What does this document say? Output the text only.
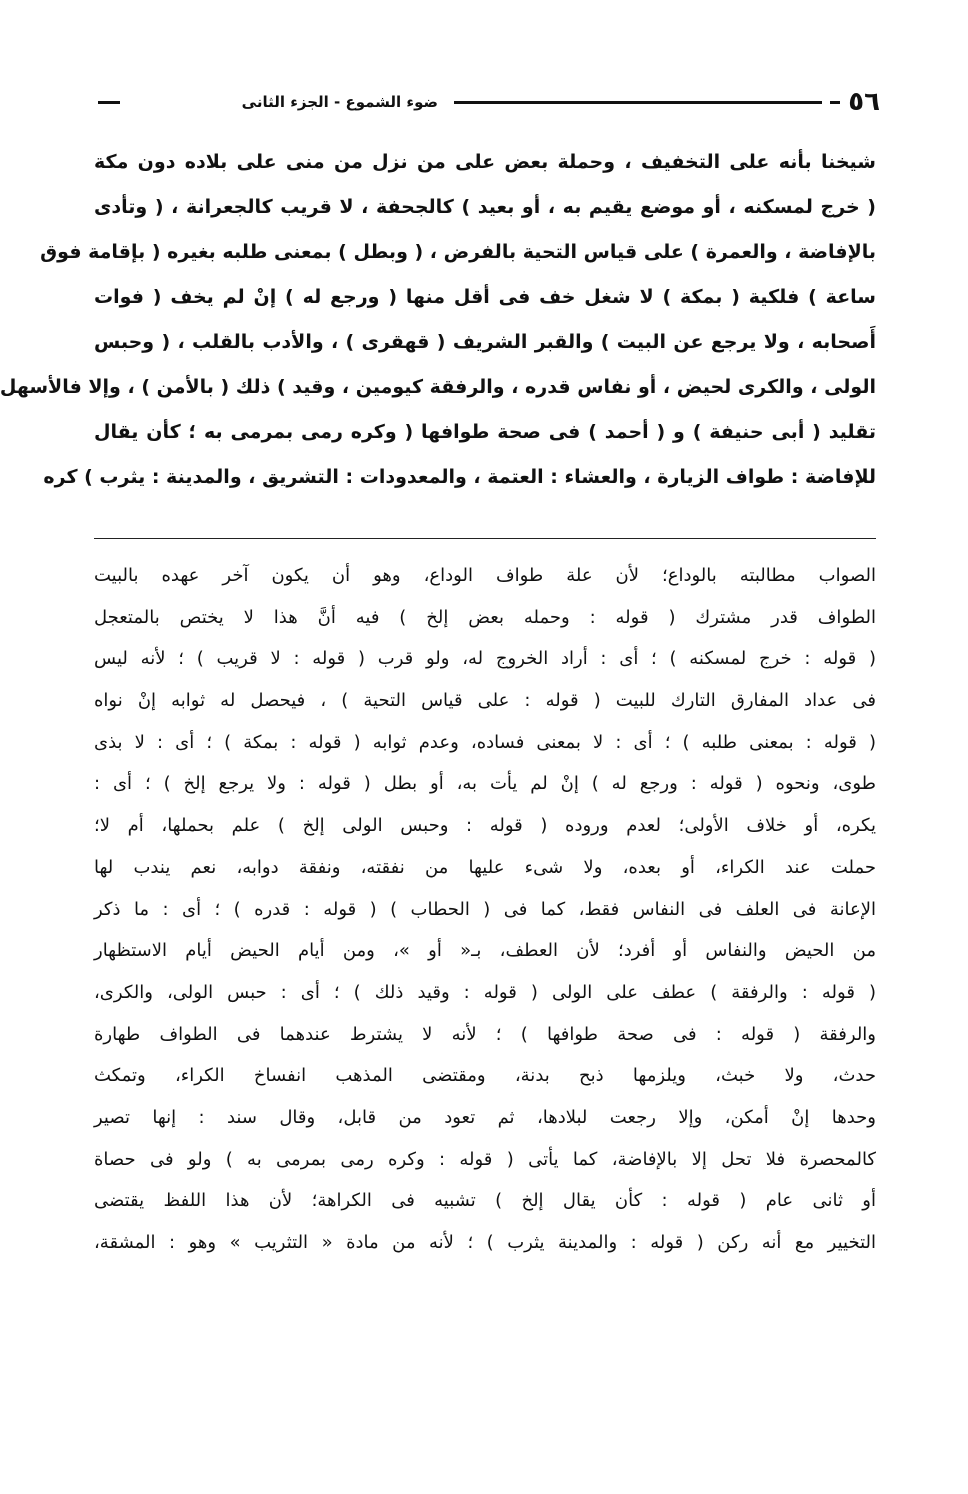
٥٦
ضوء الشموع - الجزء الثانى
شيخنا بأنه على التخفيف ، وحملة بعض على من نزل من منى على بلاده دون مكة
( خرج لمسكنه ، أو موضع يقيم به ، أو بعيد ) كالجحفة ، لا قريب كالجعرانة ، ( وتأدى
بالإفاضة ، والعمرة ) على قياس التحية بالفرض ، ( وبطل ) بمعنى طلبه بغيره ( بإقامة فوق
ساعة ) فلكية ( بمكة ) لا شغل خف فى أقل منها ( ورجع له ) إنْ لم يخف ( فوات
أَصحابه ، ولا يرجع عن البيت ) والقبر الشريف ( قهقرى ) ، والأدب بالقلب ، ( وحبس
الولى ، والكرى لحيض ، أو نفاس قدره ، والرفقة كيومين ، وقيد ) ذلك ( بالأمن ) ، وإلا فالأسهل
تقليد ( أبى حنيفة ) و ( أحمد ) فى صحة طوافها ( وكره رمى بمرمى به ؛ كأن يقال
للإفاضة : طواف الزيارة ، والعشاء : العتمة ، والمعدودات : التشريق ، والمدينة : يثرب ) كره
الصواب مطالبته بالوداع؛ لأن علة طواف الوداع، وهو أن يكون آخر عهده بالبيت
الطواف قدر مشترك ( قوله : وحمله بعض إلخ ) فيه أنَّ هذا لا يختص بالمتعجل
( قوله : خرج لمسكنه ) ؛ أى : أراد الخروج له، ولو قرب ( قوله : لا قريب ) ؛ لأنه ليس
فى عداد المفارق التارك للبيت ( قوله : على قياس التحية ) ، فيحصل له ثوابه إنْ نواه
( قوله : بمعنى طلبه ) ؛ أى : لا بمعنى فساده، وعدم ثوابه ( قوله : بمكة ) ؛ أى : لا بذى
طوى، ونحوه ( قوله : ورجع له ) إنْ لم يأت به، أو بطل ( قوله : ولا يرجع إلخ ) ؛ أى :
يكره، أو خلاف الأولى؛ لعدم وروده ( قوله : وحبس الولى إلخ ) علم بحملها، أم لا؛
حملت عند الكراء، أو بعده، ولا شىء عليها من نفقته، ونفقة دوابه، نعم يندب لها
الإعانة فى العلف فى النفاس فقط، كما فى ( الحطاب ) ( قوله : قدره ) ؛ أى : ما ذكر
من الحيض والنفاس أو أفرد؛ لأن العطف، بـ« أو »، ومن أيام الحيض أيام الاستظهار
( قوله : والرفقة ) عطف على الولى ( قوله : وقيد ذلك ) ؛ أى : حبس الولى، والكرى،
والرفقة ( قوله : فى صحة طوافها ) ؛ لأنه لا يشترط عندهما فى الطواف طهارة
حدث، ولا خبث، ويلزمها ذبح بدنة، ومقتضى المذهب انفساخ الكراء، وتمكث
وحدها إنْ أمكن، وإلا رجعت لبلادها، ثم تعود من قابل، وقال سند : إنها تصير
كالمحصرة فلا تحل إلا بالإفاضة، كما يأتى ( قوله : وكره رمى بمرمى به ) ولو فى حصاة
أو ثانى عام ( قوله : كأن يقال إلخ ) تشبيه فى الكراهة؛ لأن هذا اللفظ يقتضى
التخيير مع أنه ركن ( قوله : والمدينة يثرب ) ؛ لأنه من مادة « التثريب » وهو : المشقة،
